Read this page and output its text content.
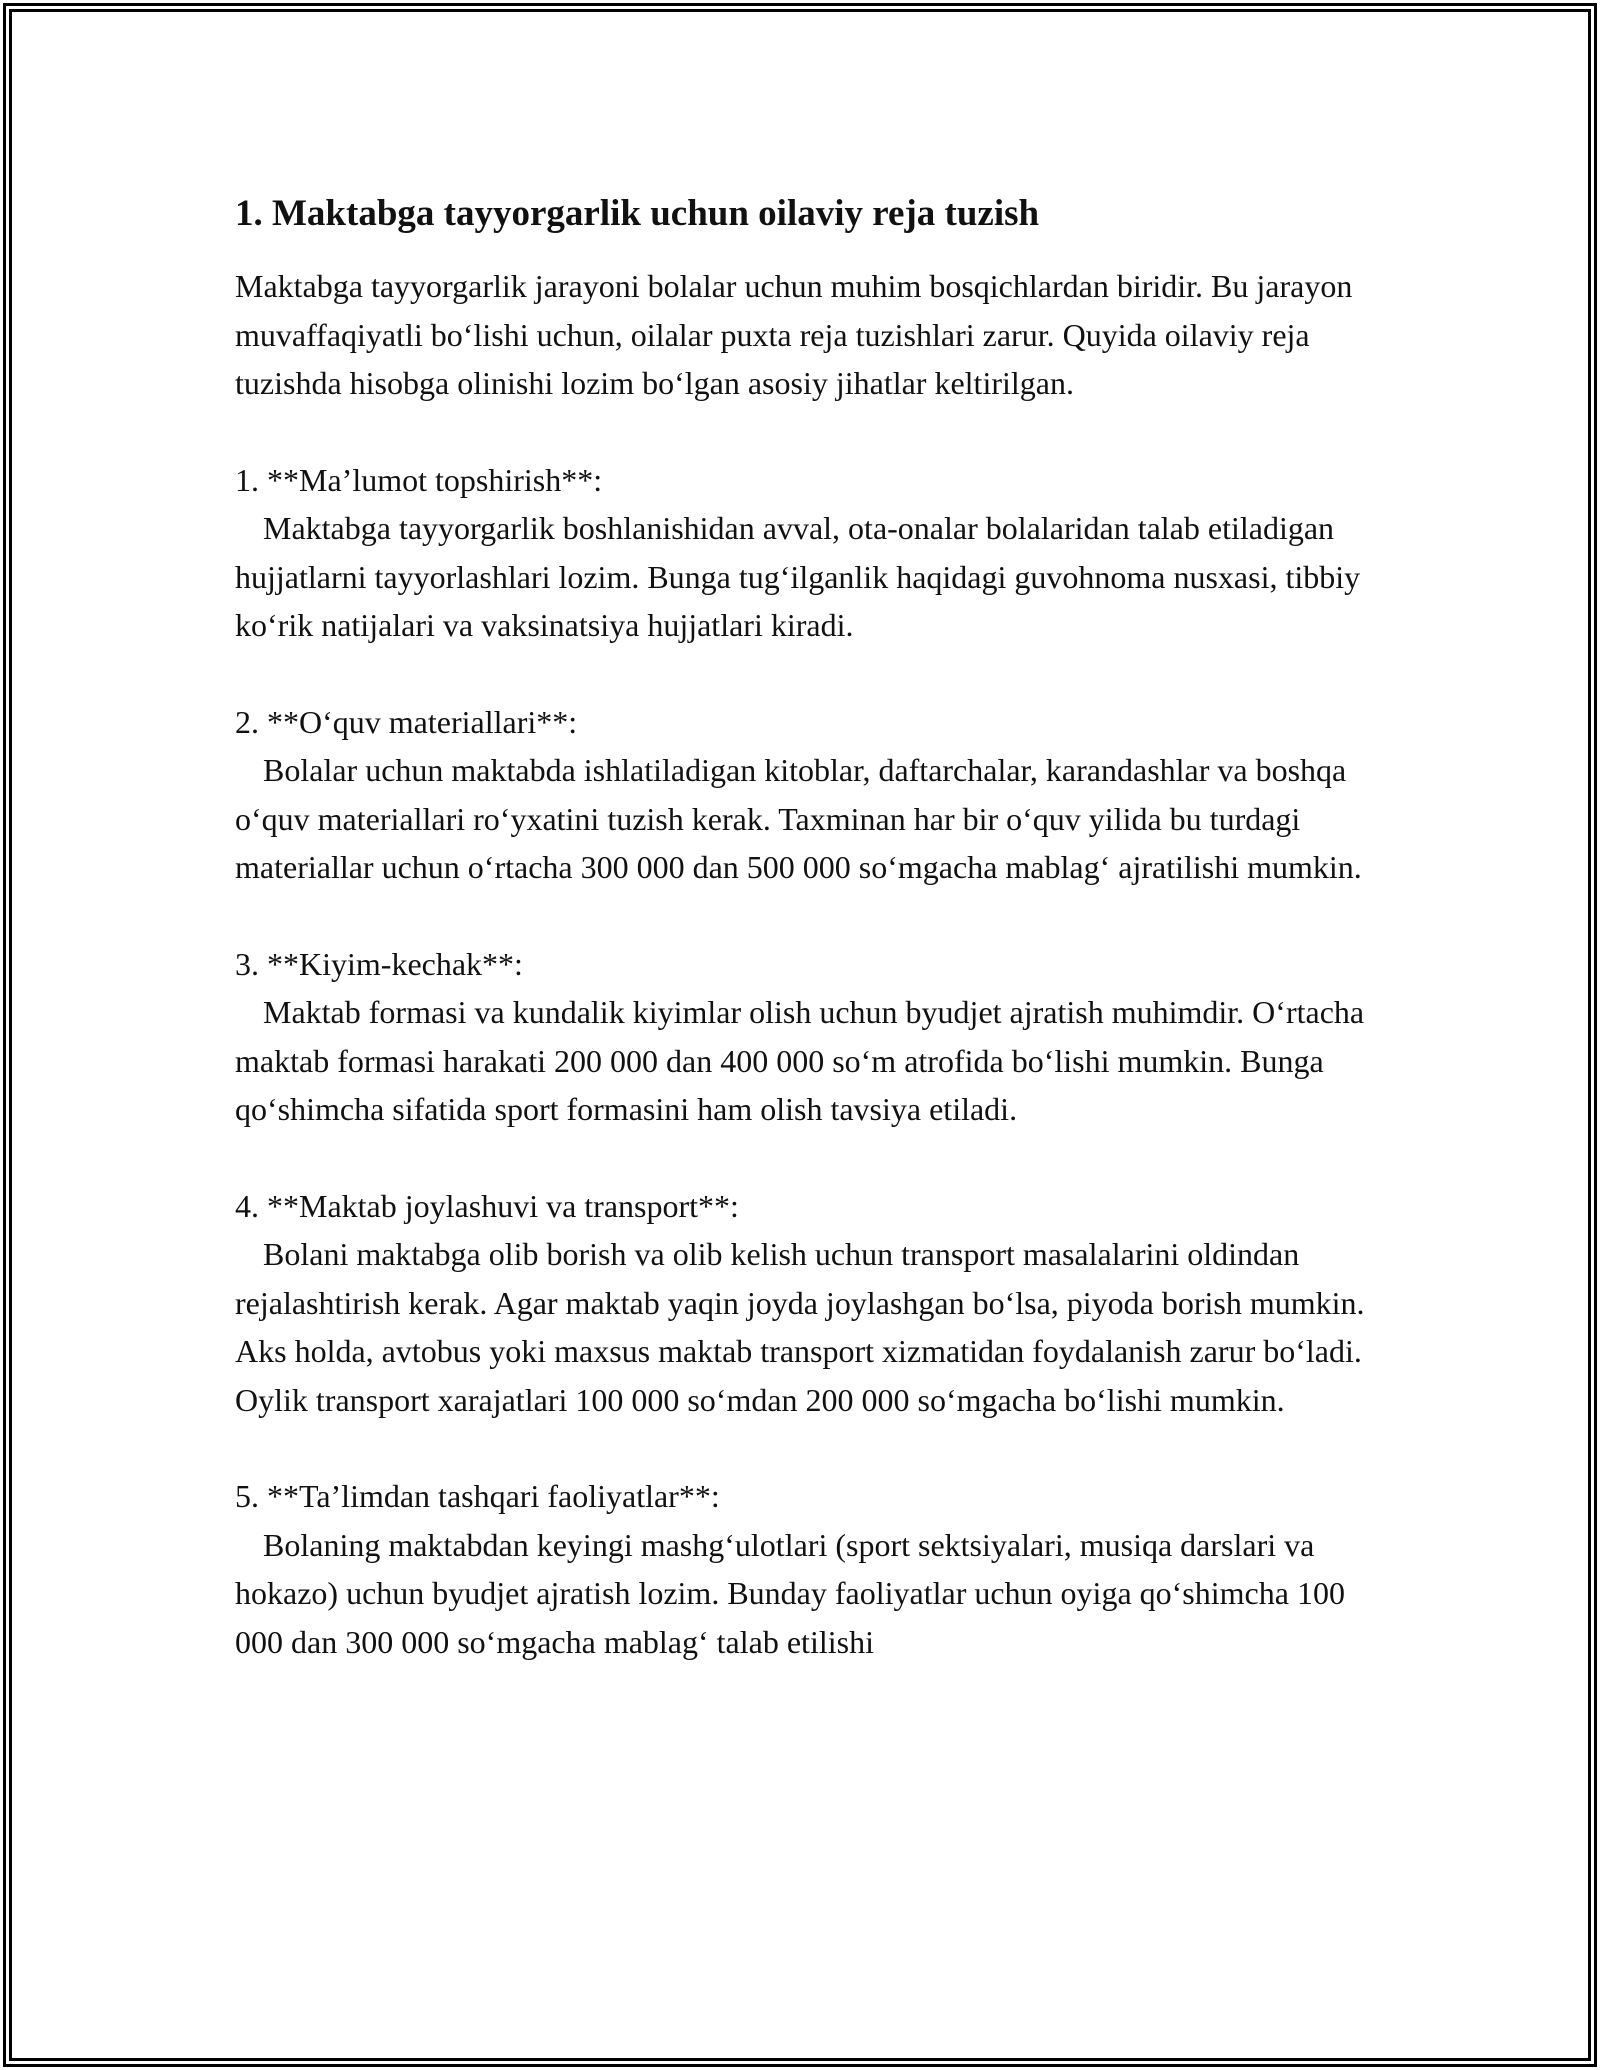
1. Maktabga tayyorgarlik uchun oilaviy reja tuzish

Maktabga tayyorgarlik jarayoni bolalar uchun muhim bosqichlardan biridir. Bu jarayon muvaffaqiyatli bo‘lishi uchun, oilalar puxta reja tuzishlari zarur. Quyida oilaviy reja tuzishda hisobga olinishi lozim bo‘lgan asosiy jihatlar keltirilgan.

1. **Ma’lumot topshirish**:

Maktabga tayyorgarlik boshlanishidan avval, ota-onalar bolalaridan talab etiladigan hujjatlarni tayyorlashlari lozim. Bunga tug‘ilganlik haqidagi guvohnoma nusxasi, tibbiy ko‘rik natijalari va vaksinatsiya hujjatlari kiradi.

2. **O‘quv materiallari**:

Bolalar uchun maktabda ishlatiladigan kitoblar, daftarchalar, karandashlar va boshqa o‘quv materiallari ro‘yxatini tuzish kerak. Taxminan har bir o‘quv yilida bu turdagi materiallar uchun o‘rtacha 300 000 dan 500 000 so‘mgacha mablag‘ ajratilishi mumkin.

3. **Kiyim-kechak**:

Maktab formasi va kundalik kiyimlar olish uchun byudjet ajratish muhimdir. O‘rtacha maktab formasi harakati 200 000 dan 400 000 so‘m atrofida bo‘lishi mumkin. Bunga qo‘shimcha sifatida sport formasini ham olish tavsiya etiladi.

4. **Maktab joylashuvi va transport**:

Bolani maktabga olib borish va olib kelish uchun transport masalalarini oldindan rejalashtirish kerak. Agar maktab yaqin joyda joylashgan bo‘lsa, piyoda borish mumkin. Aks holda, avtobus yoki maxsus maktab transport xizmatidan foydalanish zarur bo‘ladi. Oylik transport xarajatlari 100 000 so‘mdan 200 000 so‘mgacha bo‘lishi mumkin.

5. **Ta’limdan tashqari faoliyatlar**:

Bolaning maktabdan keyingi mashg‘ulotlari (sport sektsiyalari, musiqa darslari va hokazo) uchun byudjet ajratish lozim. Bunday faoliyatlar uchun oyiga qo‘shimcha 100 000 dan 300 000 so‘mgacha mablag‘ talab etilishi
